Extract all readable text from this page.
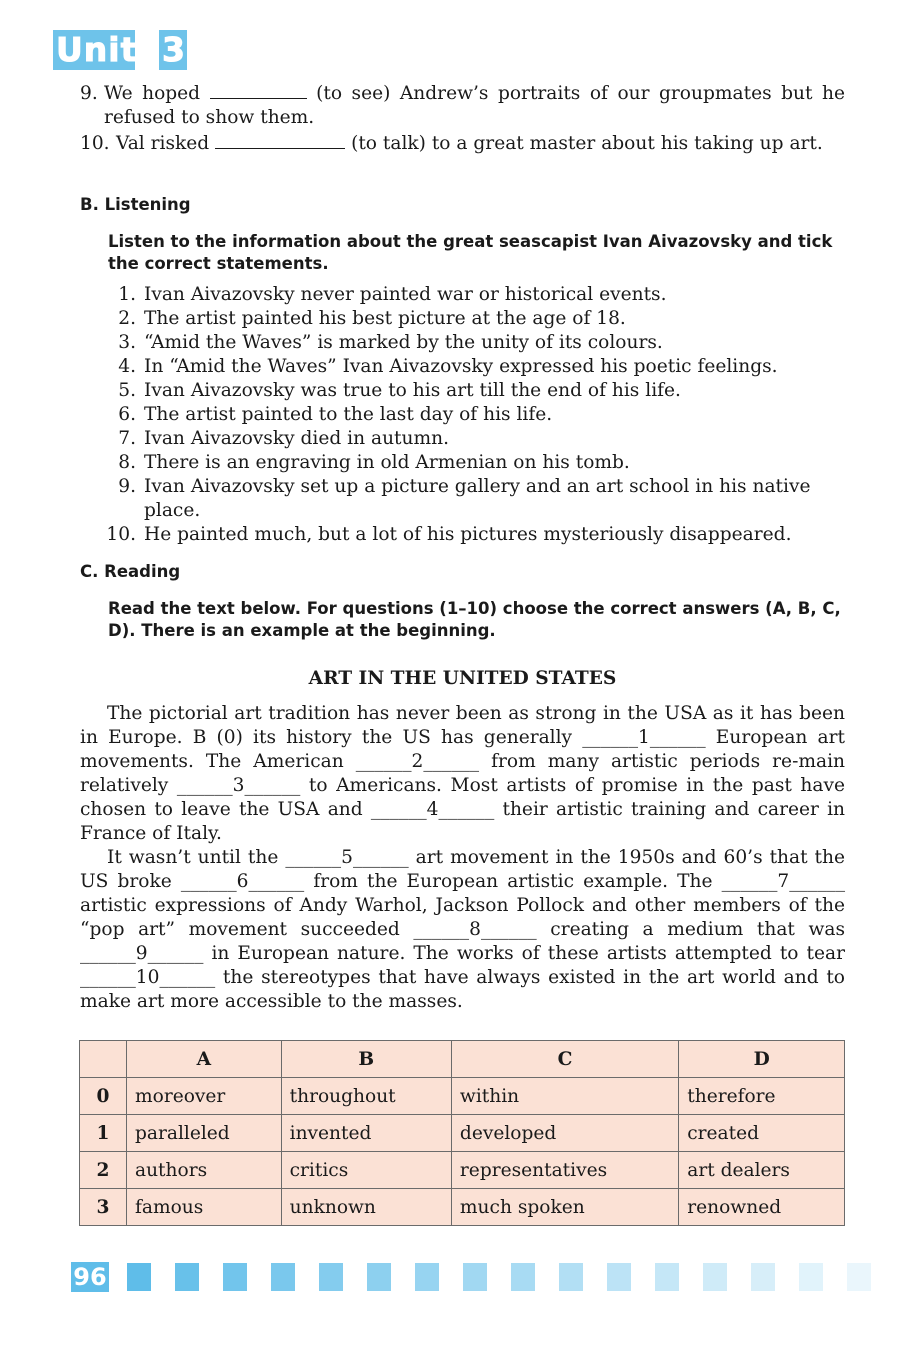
Unit 3
9. We hoped	(to see) Andrew’s portraits of our groupmates but he refused to show them.
10. Val risked	(to talk) to a great master about his taking up art.
B. Listening
Listen to the information about the great seascapist Ivan Aivazovsky and tick the correct statements.
1. Ivan Aivazovsky never painted war or historical events.
2. The artist painted his best picture at the age of 18.
3. “Amid the Waves” is marked by the unity of its colours.
4. In “Amid the Waves” Ivan Aivazovsky expressed his poetic feelings.
5. Ivan Aivazovsky was true to his art till the end of his life.
6. The artist painted to the last day of his life.
7. Ivan Aivazovsky died in autumn.
8. There is an engraving in old Armenian on his tomb.
9. Ivan Aivazovsky set up a picture gallery and an art school in his native place.
10. He painted much, but a lot of his pictures mysteriously disappeared.
C. Reading
Read the text below. For questions (1–10) choose the correct answers (A, B, C, D). There is an example at the beginning.
ART IN THE UNITED STATES

The pictorial art tradition has never been as strong in the USA as it has been in Europe. B (0) its history the US has generally ______1______ European art movements. The American ______2______ from many artistic periods re-main relatively ______3______ to Americans. Most artists of promise in the past have chosen to leave the USA and ______4______ their artistic training and career in France of Italy.

It wasn’t until the ______5______ art movement in the 1950s and 60’s that the US broke ______6______ from the European artistic example. The ______7______ artistic expressions of Andy Warhol, Jackson Pollock and other members of the “pop art” movement succeeded ______8______ creating a medium that was ______9______ in European nature. The works of these artists attempted to tear ______10______ the stereotypes that have always existed in the art world and to make art more accessible to the masses.

	A	B	C	D
0	moreover	throughout	within	therefore
1	paralleled	invented	developed	created
2	authors	critics	representatives	art dealers
3	famous	unknown	much spoken	renowned
96
